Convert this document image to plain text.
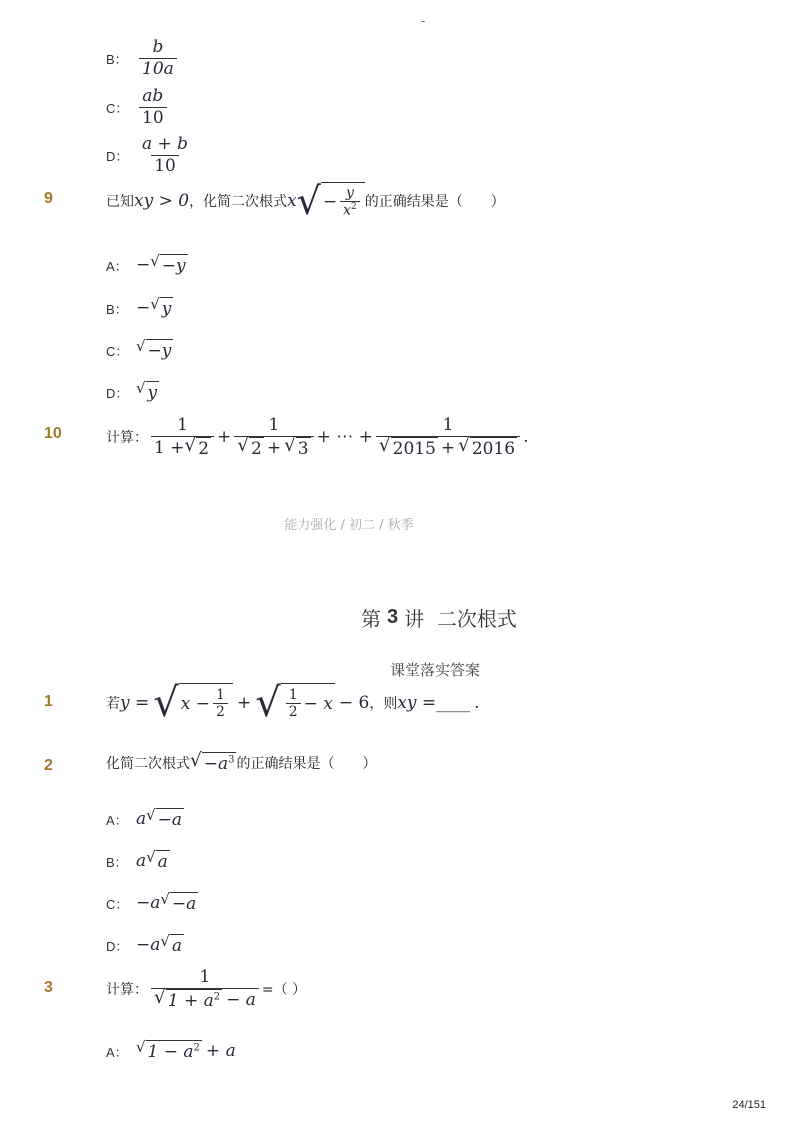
-
B： $\frac{b}{10a}$
C： $\frac{ab}{10}$
D： $\frac{a + b}{10}$
9	已知 xy > 0 ，化简二次根式 x √ − $\frac{y}{x^2}$ 的正确结果是（　　）
A： − √ −y
B： − √ y
C： √ −y
D： √ y
10	计算： $\frac{1}{1 + √ 2} + \frac{1}{√ 2 + √ 3}$ + ⋯ + $\frac{1}{√ 2015 + √ 2016}$ .
能力强化 / 初二 / 秋季
第 3 讲  二次根式
课堂落实答案
1	若 y = √ $x - \frac{1}{2}$ + √ $\frac{1}{2} - x - 6$ ，则 xy = ____ .
2	化简二次根式 √ $-a^3$ 的正确结果是（　　）
A： a √ −a
B： a √ a
C： −a √ −a
D： −a √ a
3	计算： $\frac{1}{√ 1 + a^2 - a}$ =（ ）
A： √ $1 - a^2 + a$
24/151
